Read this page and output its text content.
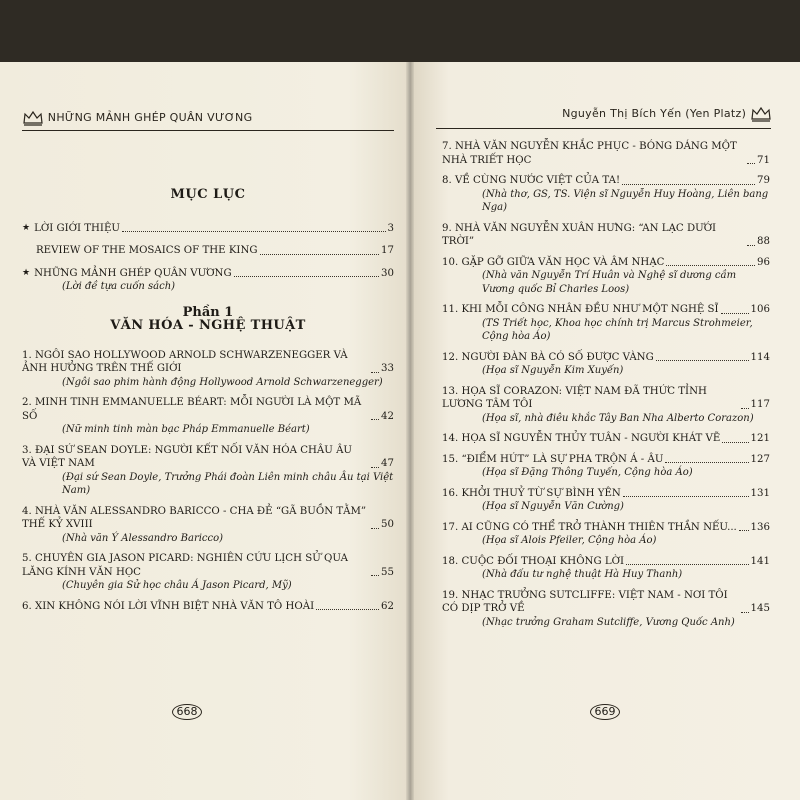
NHỮNG MẢNH GHÉP QUÂN VƯƠNG	Nguyễn Thị Bích Yến (Yen Platz)
MỤC LỤC
★ LỜI GIỚI THIỆU	3
REVIEW OF THE MOSAICS OF THE KING	17
★ NHỮNG MẢNH GHÉP QUÂN VƯƠNG	30
(Lời đề tựa cuốn sách)
Phần 1
VĂN HÓA - NGHỆ THUẬT
1. NGÔI SAO HOLLYWOOD ARNOLD SCHWARZENEGGER VÀ ẢNH HƯỞNG TRÊN THẾ GIỚI	33
(Ngôi sao phim hành động Hollywood Arnold Schwarzenegger)
2. MINH TINH EMMANUELLE BÉART: MỖI NGƯỜI LÀ MỘT MÃ SỐ	42
(Nữ minh tinh màn bạc Pháp Emmanuelle Béart)
3. ĐẠI SỨ SEAN DOYLE: NGƯỜI KẾT NỐI VĂN HÓA CHÂU ÂU VÀ VIỆT NAM	47
(Đại sứ Sean Doyle, Trưởng Phái đoàn Liên minh châu Âu tại Việt Nam)
4. NHÀ VĂN ALESSANDRO BARICCO - CHA ĐẺ “GÃ BUỒN TẰM” THẾ KỶ XVIII	50
(Nhà văn Ý Alessandro Baricco)
5. CHUYÊN GIA JASON PICARD: NGHIÊN CỨU LỊCH SỬ QUA LĂNG KÍNH VĂN HỌC	55
(Chuyên gia Sử học châu Á Jason Picard, Mỹ)
6. XIN KHÔNG NÓI LỜI VĨNH BIỆT NHÀ VĂN TÔ HOÀI	62
7. NHÀ VĂN NGUYỄN KHẮC PHỤC - BÓNG DÁNG MỘT NHÀ TRIẾT HỌC	71
8. VỀ CÙNG NƯỚC VIỆT CỦA TA!	79
(Nhà thơ, GS, TS. Viện sĩ Nguyễn Huy Hoàng, Liên bang Nga)
9. NHÀ VĂN NGUYỄN XUÂN HƯNG: “AN LẠC DƯỚI TRỜI”	88
10. GẶP GỠ GIỮA VĂN HỌC VÀ ÂM NHẠC	96
(Nhà văn Nguyễn Trí Huân và Nghệ sĩ dương cầm Vương quốc Bỉ Charles Loos)
11. KHI MỖI CÔNG NHÂN ĐỀU NHƯ MỘT NGHỆ SĨ	106
(TS Triết học, Khoa học chính trị Marcus Strohmeier, Cộng hòa Áo)
12. NGƯỜI ĐÀN BÀ CÓ SỐ ĐƯỢC VÀNG	114
(Họa sĩ Nguyễn Kim Xuyến)
13. HỌA SĨ CORAZON: VIỆT NAM ĐÃ THỨC TỈNH LƯƠNG TÂM TÔI	117
(Họa sĩ, nhà điêu khắc Tây Ban Nha Alberto Corazon)
14. HỌA SĨ NGUYỄN THỦY TUÂN - NGƯỜI KHÁT VẼ	121
15. “ĐIỂM HÚT” LÀ SỰ PHA TRỘN Á - ÂU	127
(Họa sĩ Đặng Thông Tuyến, Cộng hòa Áo)
16. KHỞI THUỶ TỪ SỰ BÌNH YÊN	131
(Họa sĩ Nguyễn Văn Cường)
17. AI CŨNG CÓ THỂ TRỞ THÀNH THIÊN THẦN NẾU... 136
(Họa sĩ Alois Pfeiler, Cộng hòa Áo)
18. CUỘC ĐỐI THOẠI KHÔNG LỜI	141
(Nhà đấu tư nghệ thuật Hà Huy Thanh)
19. NHẠC TRƯỞNG SUTCLIFFE: VIỆT NAM - NƠI TÔI CÓ DỊP TRỞ VỀ	145
(Nhạc trưởng Graham Sutcliffe, Vương Quốc Anh)
668	669
